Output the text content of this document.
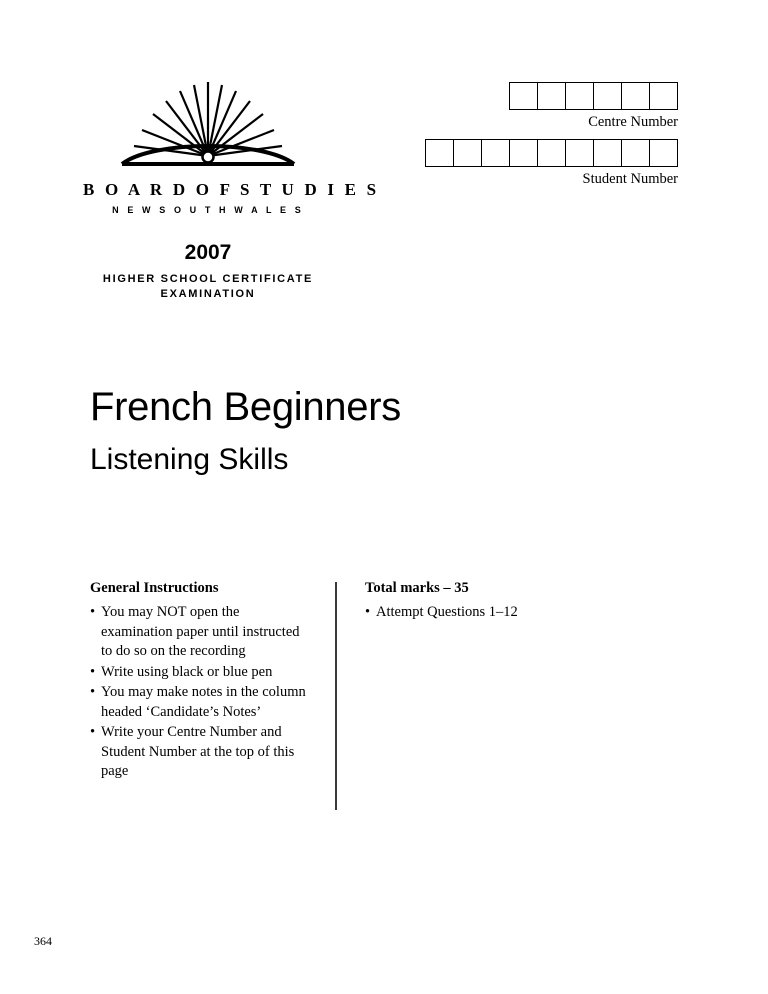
B O A R D O F S T U D I E S
N E W S O U T H W A L E S
2007
HIGHER SCHOOL CERTIFICATE
EXAMINATION
Centre Number
Student Number
French Beginners
Listening Skills
General Instructions
• You may NOT open the examination paper until instructed to do so on the recording
• Write using black or blue pen
• You may make notes in the column headed ‘Candidate’s Notes’
• Write your Centre Number and Student Number at the top of this page
Total marks – 35
• Attempt Questions 1–12
364
